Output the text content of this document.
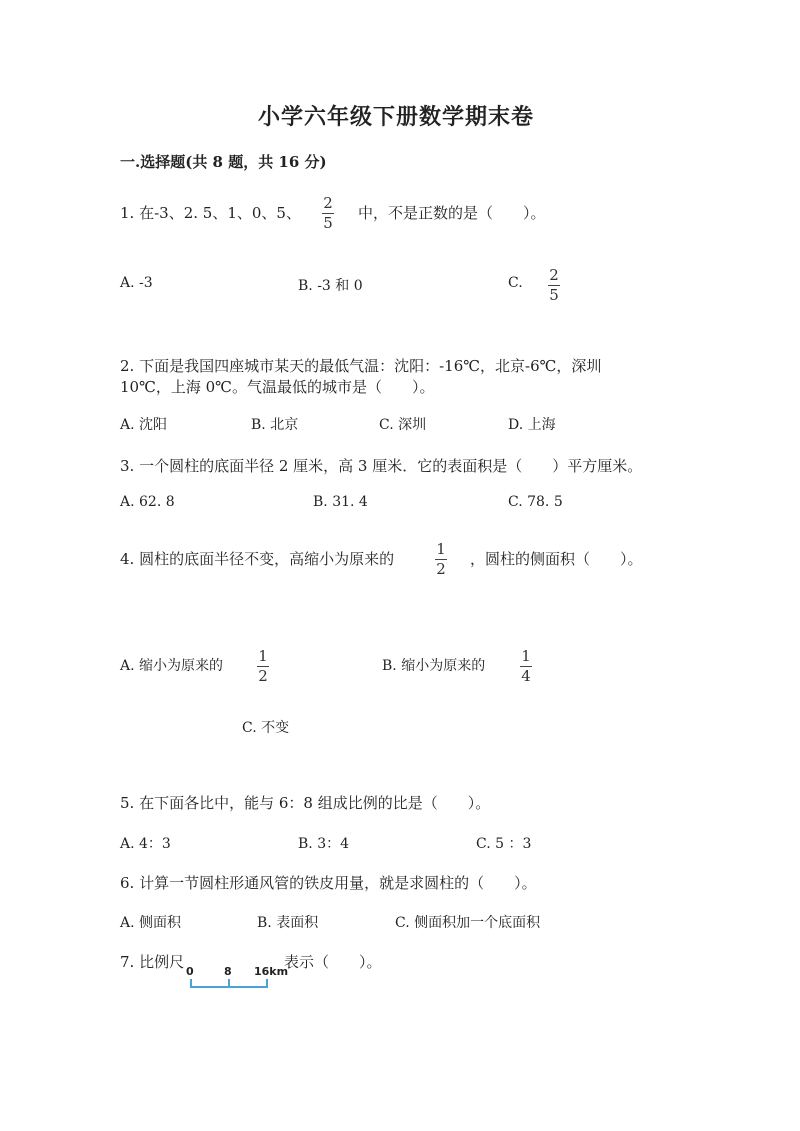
小学六年级下册数学期末卷
一.选择题(共 8 题，共 16 分)
1. 在-3、2. 5、1、0、5、
2
5
中，不是正数的是（　　）。
A. -3	B. -3 和 0	C. 2
5
2. 下面是我国四座城市某天的最低气温：沈阳：-16℃，北京-6℃，深圳
10℃，上海 0℃。气温最低的城市是（　　）。
A. 沈阳	B. 北京	C. 深圳	D. 上海
3. 一个圆柱的底面半径 2 厘米，高 3 厘米．它的表面积是（　　）平方厘米。
A. 62. 8	B. 31. 4	C. 78. 5
4. 圆柱的底面半径不变，高缩小为原来的
1
2
，圆柱的侧面积（　　）。
A. 缩小为原来的
1
2
B. 缩小为原来的
1
4
C. 不变
5. 在下面各比中，能与 6：8 组成比例的比是（　　）。
A. 4：3	B. 3：4	C. 5 ：3
6. 计算一节圆柱形通风管的铁皮用量，就是求圆柱的（　　）。
A. 侧面积	B. 表面积	C. 侧面积加一个底面积
7. 比例尺
0	8 16km
表示（　　）。
